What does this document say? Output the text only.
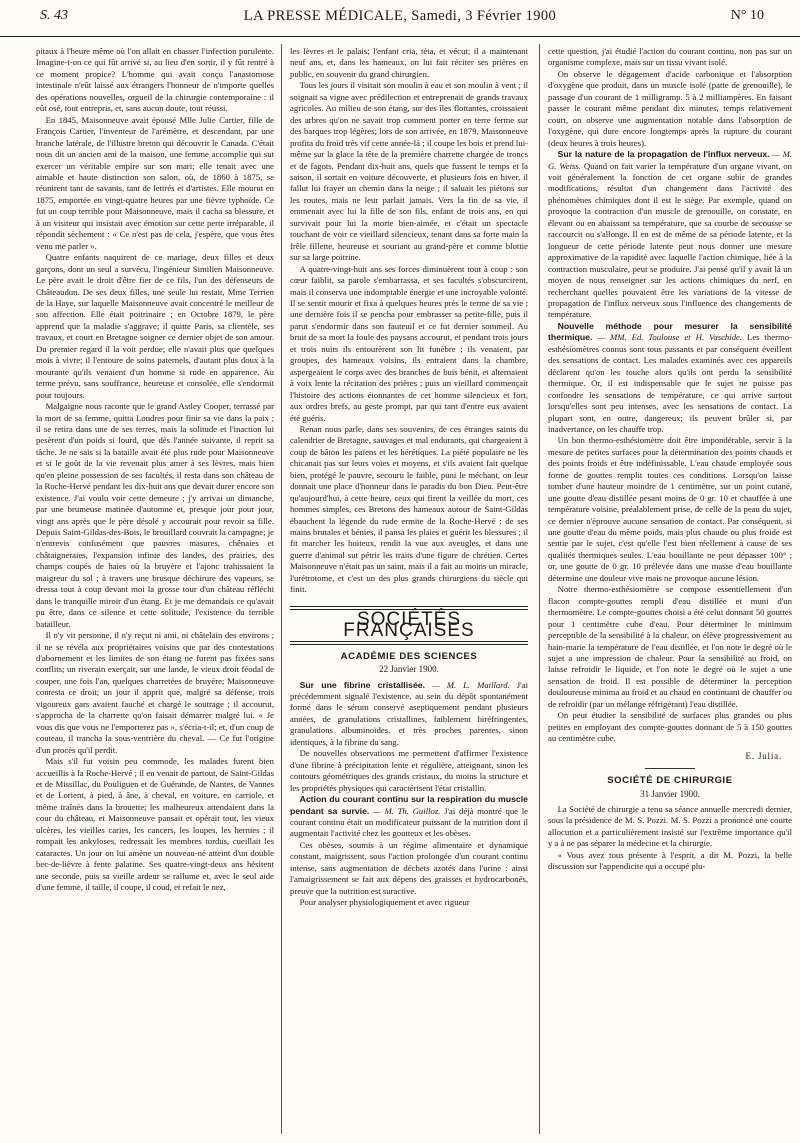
S. 43	LA PRESSE MÉDICALE, Samedi, 3 Février 1900	N° 10

pitaux à l'heure même où l'on allait en chasser l'infection purulente. Imagine-t-on ce qui fût arrivé si, au lieu d'en sortir, il y fût rentré à ce moment propice? L'homme qui avait conçu l'anastomose intestinale n'eût laissé aux étrangers l'honneur de n'importe quelles des opérations nouvelles, orgueil de la chirurgie contemporaine : il eût osé, tout entrepris, et, sans aucun doute, tout réussi.

En 1845, Maisonneuve avait épousé Mlle Julie Cartier, fille de François Cartier, l'inventeur de l'arémètre, et descendant, par une branche latérale, de l'illustre breton qui découvrit le Canada. C'était nous dit un ancien ami de la maison, une femme accomplie qui sut exercer un véritable empire sur son mari; elle tenait avec une aimable et haute distinction son salon, où, de 1860 à 1875, se réunirent tant de savants, tant de lettrés et d'artistes. Elle mourut en 1875, emportée en vingt-quatre heures par une fièvre typhoïde. Ce fut un coup terrible pour Maisonneuve, mais il cacha sa blessure, et à un visiteur qui insistait avec émotion sur cette perte irréparable, il répondit sèchement : « Ce n'est pas de cela, j'espère, que vous êtes venu me parler ».

Quatre enfants naquirent de ce mariage, deux filles et deux garçons, dont un seul a survécu, l'ingénieur Similien Maisonneuve. Le père avait le droit d'être fier de ce fils, l'un des défenseurs de Châteaudun. De ses deux filles, une seule lui restait, Mme Terrien de la Haye, sur laquelle Maisonneuve avait concentré le meilleur de son affection. Elle était poitrinaire ; en Octobre 1879, le père apprend que la maladie s'aggrave; il quitte Paris, sa clientèle, ses travaux, et court en Bretagne soigner ce dernier objet de son amour. Du premier regard il la voit perdue; elle n'avait plus que quelques mois à vivre; il l'entoure de soins paternels, d'autant plus doux à la mourante qu'ils venaient d'un homme si rude en apparence. Au terme prévu, sans souffrance, heureuse et consolée, elle s'endormit pour toujours.

Malgaigne nous raconte que le grand Astley Cooper, terrassé par la mort de sa femme, quitta Londres pour finir sa vie dans la paix ; il se retira dans une de ses terres, mais la solitude et l'inaction lui pesèrent d'un poids si lourd, que dès l'année suivante, il reprit sa tâche. Je ne sais si la bataille avait été plus rude pour Maisonneuve et si le goût de la vie revenait plus amer à ses lèvres, mais bien qu'en pleine possession de ses facultés, il resta dans son château de la Roche-Hervé pendant les dix-huit ans que devait durer encore son existence. J'ai voulu voir cette demeure ; j'y arrivai un dimanche, par une brumeuse matinée d'automne et, presque jour pour jour, vingt ans après que le père désolé y accourait pour revoir sa fille. Depuis Saint-Gildas-des-Bois, le brouillard couvrait la campagne; je n'entrevis confusément que pauvres masures, chênaies et châtaigneraies, l'expansion infinie des landes, des prairies, des champs coupés de haies où la bruyère et l'ajonc trahissaient la maigreur du sol ; à travers une brusque déchirure des vapeurs, se dressa tout à coup devant moi la grosse tour d'un château réfléchi dans le tranquille miroir d'un étang. Et je me demandais ce qu'avait pu être, dans ce silence et cette solitude, l'existence du terrible batailleur.

Il n'y vit personne, il n'y reçut ni ami, ni châtelain des environs ; il ne se révéla aux propriétaires voisins que par des contestations d'abornement et les limites de son étang ne furent pas fixées sans conflits; un riverain exerçait, sur une lande, le vieux droit féodal de couper, une fois l'an, quelques charretées de bruyère; Maisonneuve contesta ce droit; un jour il apprit que, malgré sa défense, trois vigoureux gars avaient fauché et chargé le soutrage ; il accourut, s'approcha de la charrette qu'on faisait démarrer malgré lui. « Je vous dis que vous ne l'emporterez pas », s'écria-t-il; et, d'un coup de couteau, il trancha la sous-ventrière du cheval. — Ce fut l'origine d'un procès qu'il perdit.

Mais s'il fut voisin peu commode, les malades furent bien accueillis à la Roche-Hervé ; il en venait de partout, de Saint-Gildas et de Missillac, du Pouliguen et de Guérande, de Nantes, de Vannes et de Lorient, à pied, à âne, à cheval, en voiture, en carriole, et même traînés dans la brouette; les malheureux attendaient dans la cour du château, et Maisonneuve pansait et opérait tout, les vieux ulcères, les vieilles caries, les cancers, les loupes, les hernies ; il rompait les ankyloses, redressait les membres tordus, cueillait les cataractes. Un jour on lui amène un nouveau-né atteint d'un double bec-de-lièvre à fente palatine. Ses quatre-vingt-deux ans hésitent une seconde, puis sa vieille ardeur se rallume et, avec le seul aide d'une femme, il taille, il coupe, il coud, et refait le nez,

les lèvres et le palais; l'enfant cria, téta, et vécut; il a maintenant neuf ans, et, dans les hameaux, on lui fait réciter ses prières en public, en souvenir du grand chirurgien.

Tous les jours il visitait son moulin à eau et son moulin à vent ; il soignait sa vigne avec prédilection et entreprenait de grands travaux agricoles. Au milieu de son étang, sur des îles flottantes, croissaient des arbres qu'on ne savait trop comment porter en terre ferme sur des barques trop légères; lors de son arrivée, en 1879, Maisonneuve profita du froid très vif cette année-là ; il coupe les bois et prend lui-même sur la glace la tête de la première charrette chargée de troncs et de fagots. Pendant dix-huit ans, quels que fussent le temps et la saison, il sortait en voiture découverte, et plusieurs fois en hiver, il fallut lui frayer un chemin dans la neige ; il saluait les piétons sur les routes, mais ne leur parlait jamais. Vers la fin de sa vie, il emmenait avec lui la fille de son fils, enfant de trois ans, en qui survivait pour lui la morte bien-aimée, et c'était un spectacle touchant de voir ce vieillard silencieux, tenant dans sa forte main la frêle fillette, heureuse et souriant au grand-père et comme blottie sur sa large poitrine.

A quatre-vingt-huit ans ses forces diminuèrent tout à coup : son cœur faiblit, sa parole s'embarrassa, et ses facultés s'obscurcirent, mais il conserva une indomptable énergie et une incroyable volonté. Il se sentit mourir et fixa à quelques heures près le terme de sa vie ; une dernière fois il se pencha pour embrasser sa petite-fille, puis il parut s'endormir dans son fauteuil et ce fut dernier sommeil. Au bruit de sa mort la foule des paysans accourut, et pendant trois jours et trois nuits ils entourèrent son lit funèbre ; ils venaient, par groupes, des hameaux voisins, ils entraient dans la chambre, aspergeaient le corps avec des branches de buis bénit, et alternaient à voix lente la récitation des prières ; puis un vieillard commençait l'histoire des actions étonnantes de cet homme silencieux et fort, aux ordres brefs, au geste prompt, par qui tant d'entre eux avaient été guéris.

Renan nous parle, dans ses souvenirs, de ces étranges saints du calendrier de Bretagne, sauvages et mal endurants, qui chargeaient à coup de bâton les païens et les hérétiques. La piété populaire ne les chicanait pas sur leurs voies et moyens, et s'ils avaient fait quelque bien, protégé le pauvre, secouru le faible, puni le méchant, on leur donnait une place d'honneur dans le paradis du bon Dieu. Peut-être qu'aujourd'hui, à cette heure, ceux qui firent la veillée du mort, ces hommes simples, ces Bretons des hameaux autour de Saint-Gildas ébauchent la légende du rude ermite de la Roche-Hervé : de ses mains brutales et bénies, il pansa les plaies et guérit les blessures ; il fit marcher les boiteux, rendit la vue aux aveugles, et dans une guerre d'animal sut pétrir les traits d'une figure de chrétien. Certes Maisonneuve n'était pas un saint, mais il a fait au moins un miracle, l'urétrotome, et c'est un des plus grands chirurgiens du siècle qui finit.

SOCIÉTÉS FRANÇAISES
ACADÉMIE DES SCIENCES
22 Janvier 1900.

Sur une fibrine cristallisée. — M. L. Maillard. J'ai précédemment signalé l'existence, au sein du dépôt spontanément formé dans le sérum conservé aseptiquement pendant plusieurs années, de granulations cristallines, faiblement biréfringentes, granulations albuminoïdes, et très proches parentes, sinon identiques, à la fibrine du sang.

De nouvelles observations me permettent d'affirmer l'existence d'une fibrine à précipitation lente et régulière, atteignant, sinon les contours géométriques des grands cristaux, du moins la structure et les propriétés physiques qui caractérisent l'état cristallin.

Action du courant continu sur la respiration du muscle pendant sa survie. — M. Th. Guilloz. J'ai déjà montré que le courant continu était un modificateur puissant de la nutrition dont il augmentait l'activité chez les goutteux et les obèses.

Ces obèses, soumis à un régime alimentaire et dynamique constant, maigrissent, sous l'action prolongée d'un courant continu intense, sans augmentation de déchets azotés dans l'urine : ainsi l'amaigrissement se fait aux dépens des graisses et hydrocarbonés, preuve que la nutrition est suractive.

Pour analyser physiologiquement et avec rigueur

cette question, j'ai étudié l'action du courant continu, non pas sur un organisme complexe, mais sur un tissu vivant isolé.

On observe le dégagement d'acide carbonique et l'absorption d'oxygène que produit, dans un muscle isolé (patte de grenouille), le passage d'un courant de 1 milligramp. 5 à 2 milliampères. En faisant passer le courant même pendant dix minutes, temps relativement court, on observe une augmentation notable dans l'absorption de l'oxygène, qui dure encore longtemps après la rupture du courant (deux heures à trois heures).

Sur la nature de la propagation de l'influx nerveux. — M. G. Weiss. Quand on fait varier la température d'un organe vivant, on voit généralement la fonction de cet organe subir de grandes modifications, résultat d'un changement dans l'activité des phénomènes chimiques dont il est le siège. Par exemple, quand on provoque la contraction d'un muscle de grenouille, on constate, en élevant ou en abaissant sa température, que sa courbe de secousse se raccourcit ou s'allonge. Il en est de même de sa période latente, et la longueur de cette période latente peut nous donner une mesure approximative de la rapidité avec laquelle l'action chimique, liée à la contraction musculaire, peut se produire. J'ai pensé qu'il y avait là un moyen de nous renseigner sur les actions chimiques du nerf, en recherchant quelles pouvaient être les variations de la vitesse de propagation de l'influx nerveux sous l'influence des changements de température.

Nouvelle méthode pour mesurer la sensibilité thermique. — MM. Ed. Toulouse et H. Vaschide. Les thermo-esthésiomètres connus sont tous passants et par conséquent éveillent des sensations de contact. Les malades examinés avec ces appareils déclarent qu'on les touche alors qu'ils ont perdu la sensibilité thermique. Or, il est indispensable que le sujet ne puisse pas confondre les sensations de température, ce qui arrive surtout lorsqu'elles sont peu intenses, avec les sensations de contact. La plupart sont, en outre, dangereux; ils peuvent brûler si, par inadvertance, on les chauffe trop.

Un bon thermo-esthésiomètre doit être impondérable, servir à la mesure de petites surfaces pour la détermination des points chauds et des points froids et être indéfinissable. L'eau chaude employée sous forme de gouttes remplit toutes ces conditions. Lorsqu'on laisse tomber d'une hauteur moindre de 1 centimètre, sur un point cutané, une goutte d'eau distillée pesant moins de 0 gr. 10 et chauffée à une température voisine, préalablement prise, de celle de la peau du sujet, ce dernier n'éprouve aucune sensation de contact. Par conséquent, si une goutte d'eau du même poids, mais plus chaude ou plus froide est sentie par le sujet, c'est qu'elle l'est bien réellement à cause de ses qualités thermiques seules. L'eau bouillante ne peut dépasser 100° ; or, une goutte de 0 gr. 10 prélevée dans une masse d'eau bouillante détermine une douleur vive mais ne provoque aucune lésion.

Notre thermo-esthésiomètre se compose essentiellement d'un flacon compte-gouttes rempli d'eau distillée et muni d'un thermomètre. Le compte-gouttes choisi a été celui donnant 50 gouttes pour 1 centimètre cube d'eau. Pour déterminer le minimum perceptible de la sensibilité à la chaleur, on élève progressivement au bain-marie la température de l'eau distillée, et l'on note le degré où le sujet a une impression de chaleur. Pour la sensibilité au froid, on laisse refroidir le liquide, et l'on note le degré où le sujet a une sensation de froid. Il est possible de déterminer la perception douloureuse minima au froid et au chaud en continuant de chauffer ou de refroidir (par un mélange réfrigérant) l'eau distillée.

On peut étudier la sensibilité de surfaces plus grandes ou plus petites en employant des compte-gouttes donnant de 5 à 150 gouttes au centimètre cube.

E. Julia.
SOCIÉTÉ DE CHIRURGIE
31 Janvier 1900.

La Société de chirurgie a tenu sa séance annuelle mercredi dernier, sous la présidence de M. S. Pozzi. M. S. Pozzi a prononcé une courte allocution et a particulièrement insisté sur l'extrême importance qu'il y a à ne pas séparer la médecine et la chirurgie.

« Vous avez tous présente à l'esprit, a dit M. Pozzi, la belle discussion sur l'appendicite qui a occupé plu-
